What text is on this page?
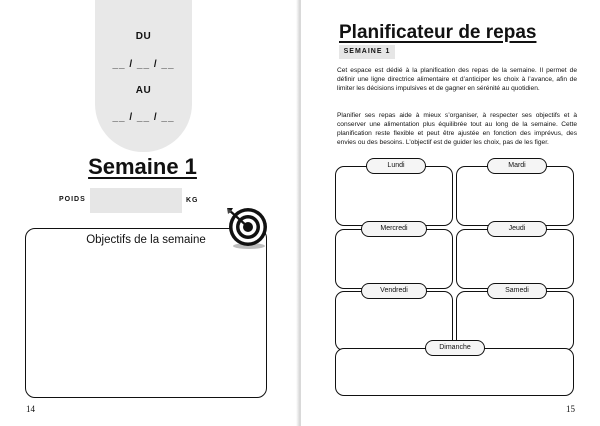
DU
__ / __ / __
AU
__ / __ / __
Semaine 1
POIDS	KG
Objectifs de la semaine
14
Planificateur de repas
SEMAINE 1

Cet espace est dédié à la planification des repas de la semaine. Il permet de définir une ligne directrice alimentaire et d’anticiper les choix à l’avance, afin de limiter les décisions impulsives et de gagner en sérénité au quotidien.

Planifier ses repas aide à mieux s’organiser, à respecter ses objectifs et à conserver une alimentation plus équilibrée tout au long de la semaine. Cette planification reste flexible et peut être ajustée en fonction des imprévus, des envies ou des besoins. L’objectif est de guider les choix, pas de les figer.

Lundi	Mardi
Mercredi	Jeudi
Vendredi	Samedi
Dimanche
15
